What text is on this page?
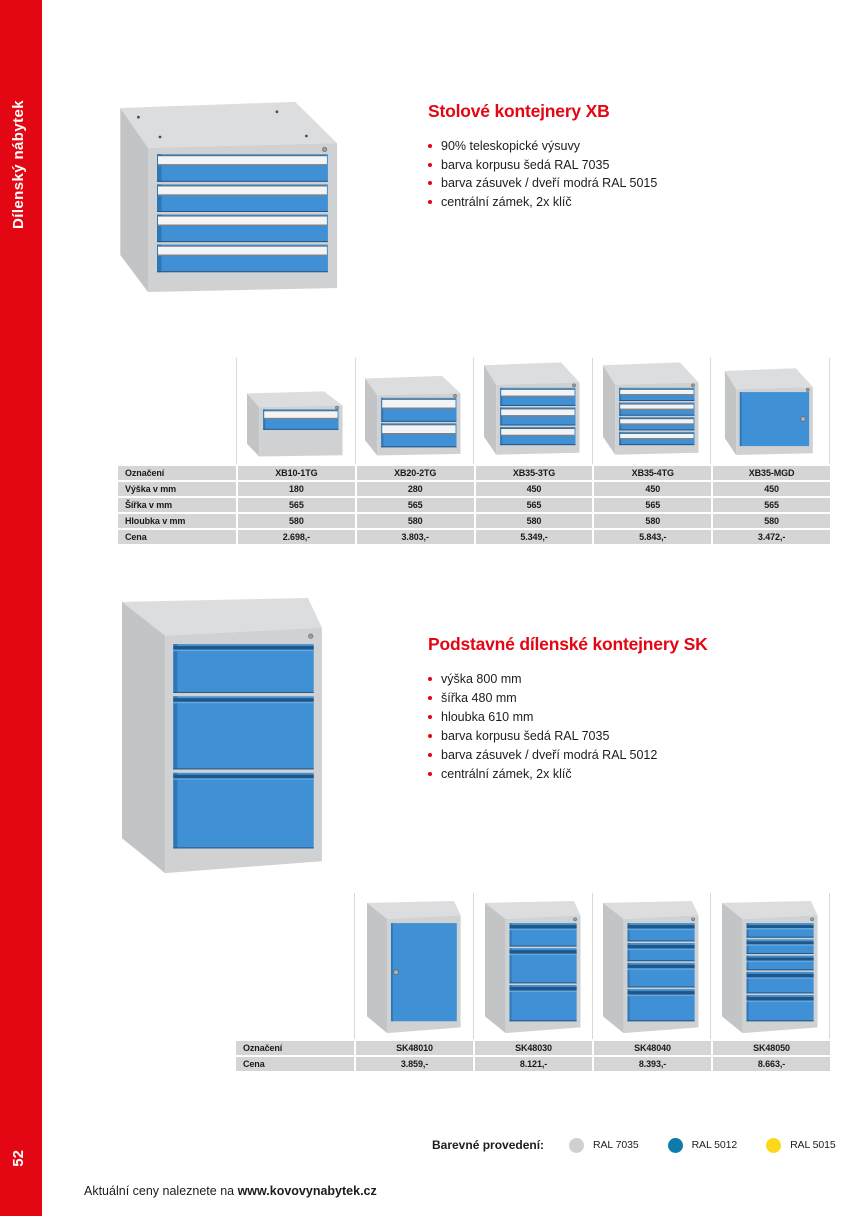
Dílenský nábytek
52
Stolové kontejnery XB
90% teleskopické výsuvy
barva korpusu šedá RAL 7035
barva zásuvek / dveří modrá RAL 5015
centrální zámek, 2x klíč
Označení	XB10-1TG	XB20-2TG	XB35-3TG	XB35-4TG	XB35-MGD
Výška v mm	180	280	450	450	450
Šířka v mm	565	565	565	565	565
Hloubka v mm	580	580	580	580	580
Cena	2.698,-	3.803,-	5.349,-	5.843,-	3.472,-
Podstavné dílenské kontejnery SK
výška 800 mm
šířka 480 mm
hloubka 610 mm
barva korpusu šedá RAL 7035
barva zásuvek / dveří modrá RAL 5012
centrální zámek, 2x klíč
Označení	SK48010	SK48030	SK48040	SK48050
Cena	3.859,-	8.121,-	8.393,-	8.663,-
Barevné provedení:	RAL 7035	RAL 5012	RAL 5015
Aktuální ceny naleznete na www.kovovynabytek.cz
